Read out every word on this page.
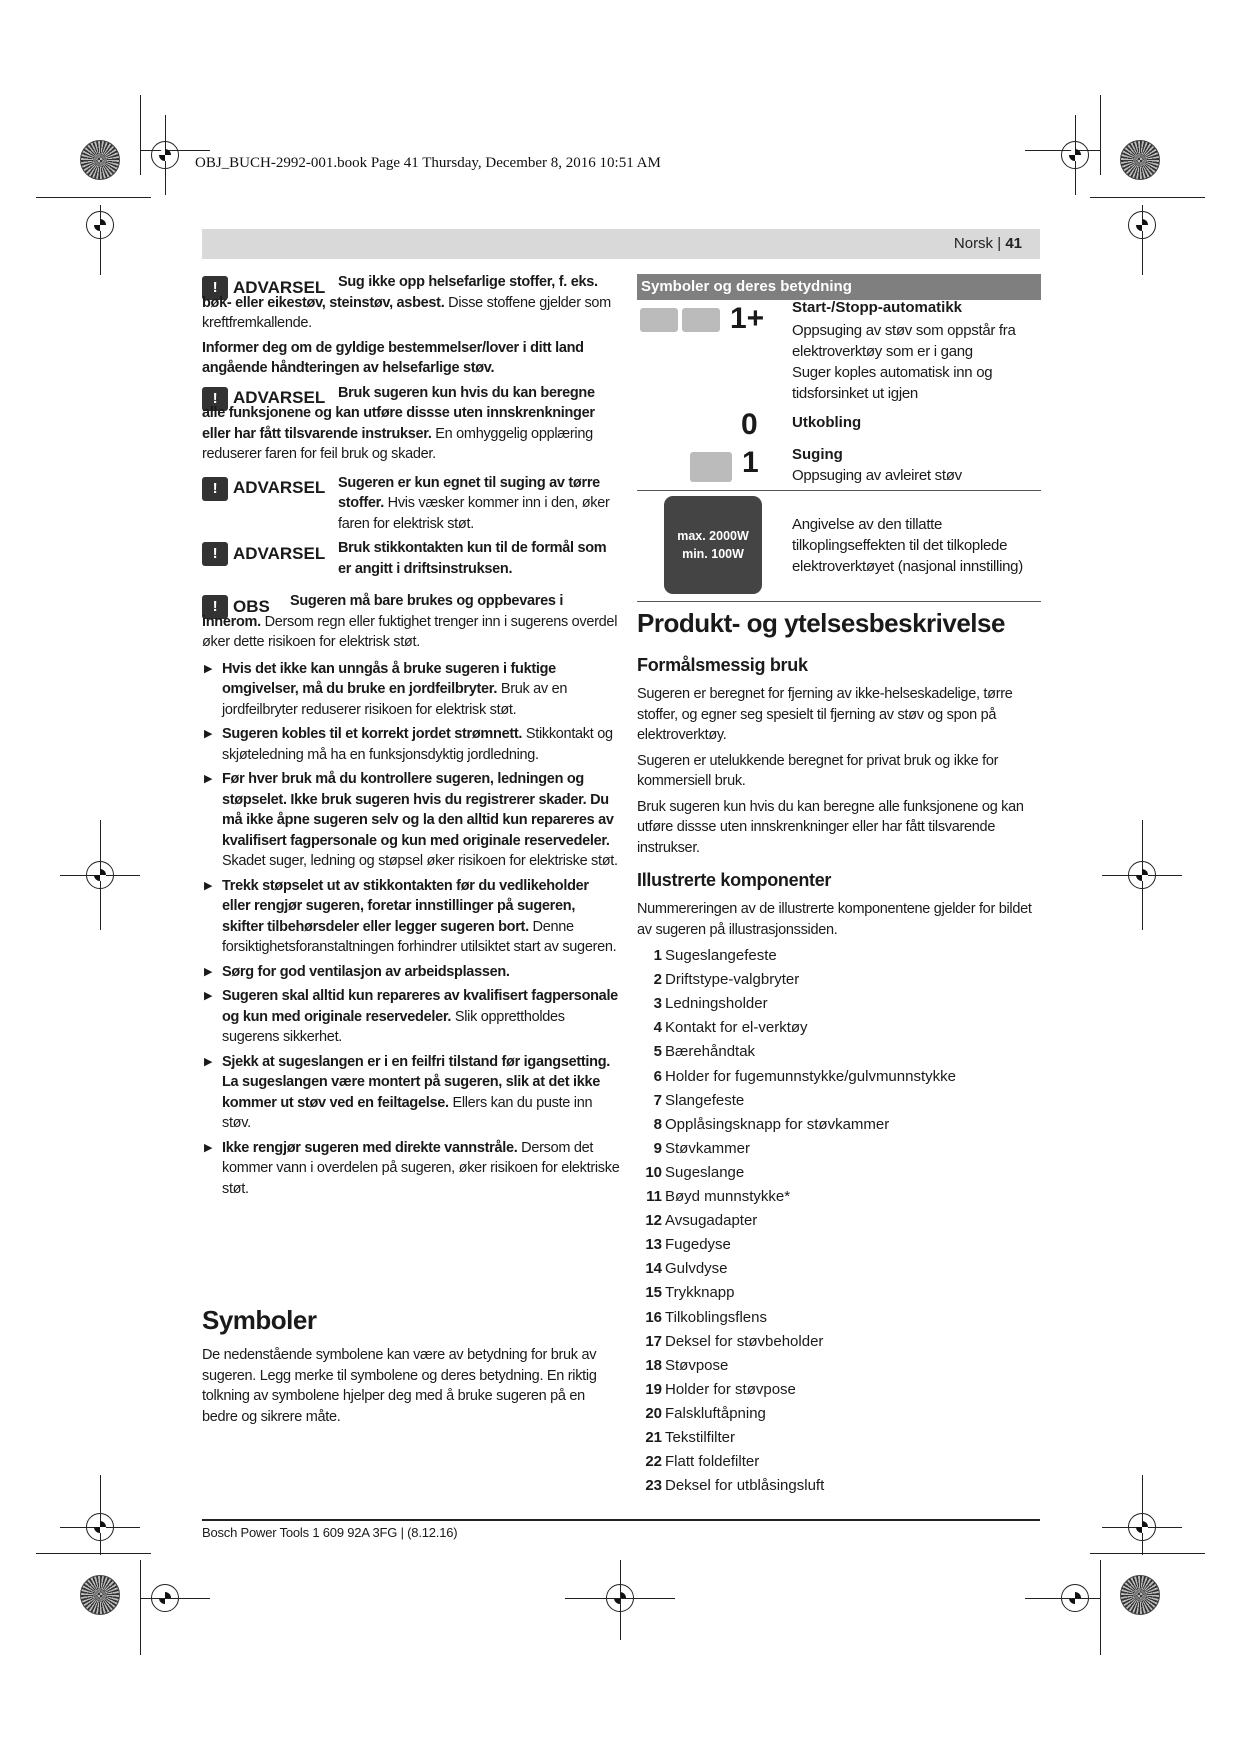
OBJ_BUCH-2992-001.book Page 41 Thursday, December 8, 2016 10:51 AM
Norsk | 41
! ADVARSEL Sug ikke opp helsefarlige stoffer, f. eks. bøk- eller eikestøv, steinstøv, asbest. Disse stoffene gjelder som kreftfremkallende.

Informer deg om de gyldige bestemmelser/lover i ditt land angående håndteringen av helsefarlige støv.

! ADVARSEL Bruk sugeren kun hvis du kan beregne alle funksjonene og kan utføre dissse uten innskrenkninger eller har fått tilsvarende instrukser. En omhyggelig opplæring reduserer faren for feil bruk og skader.

! ADVARSEL Sugeren er kun egnet til suging av tørre stoffer. Hvis væsker kommer inn i den, øker faren for elektrisk støt.

! ADVARSEL Bruk stikkontakten kun til de formål som er angitt i driftsinstruksen.

! OBS	Sugeren må bare brukes og oppbevares i innerom. Dersom regn eller fuktighet trenger inn i sugerens overdel øker dette risikoen for elektrisk støt.

▶ Hvis det ikke kan unngås å bruke sugeren i fuktige omgivelser, må du bruke en jordfeilbryter. Bruk av en jordfeilbryter reduserer risikoen for elektrisk støt.

▶ Sugeren kobles til et korrekt jordet strømnett. Stikkontakt og skjøteledning må ha en funksjonsdyktig jordledning.

▶ Før hver bruk må du kontrollere sugeren, ledningen og støpselet. Ikke bruk sugeren hvis du registrerer skader. Du må ikke åpne sugeren selv og la den alltid kun repareres av kvalifisert fagpersonale og kun med originale reservedeler. Skadet suger, ledning og støpsel øker risikoen for elektriske støt.

▶ Trekk støpselet ut av stikkontakten før du vedlikeholder eller rengjør sugeren, foretar innstillinger på sugeren, skifter tilbehørsdeler eller legger sugeren bort. Denne forsiktighetsforanstaltningen forhindrer utilsiktet start av sugeren.

▶ Sørg for god ventilasjon av arbeidsplassen.

▶ Sugeren skal alltid kun repareres av kvalifisert fagpersonale og kun med originale reservedeler. Slik opprettholdes sugerens sikkerhet.

▶ Sjekk at sugeslangen er i en feilfri tilstand før igangsetting. La sugeslangen være montert på sugeren, slik at det ikke kommer ut støv ved en feiltagelse. Ellers kan du puste inn støv.

▶ Ikke rengjør sugeren med direkte vannstråle. Dersom det kommer vann i overdelen på sugeren, øker risikoen for elektriske støt.

Symboler

De nedenstående symbolene kan være av betydning for bruk av sugeren. Legg merke til symbolene og deres betydning. En riktig tolkning av symbolene hjelper deg med å bruke sugeren på en bedre og sikrere måte.

Symboler og deres betydning
1+ Start-/Stopp-automatikk
Oppsuging av støv som oppstår fra elektroverktøy som er i gang
Suger koples automatisk inn og tidsforsinket ut igjen
0 Utkobling
1 Suging
Oppsuging av avleiret støv
max. 2000W
min. 100W
Angivelse av den tillatte tilkoplingseffekten til det tilkoplede elektroverktøyet (nasjonal innstilling)
Produkt- og ytelsesbeskrivelse
Formålsmessig bruk

Sugeren er beregnet for fjerning av ikke-helseskadelige, tørre stoffer, og egner seg spesielt til fjerning av støv og spon på elektroverktøy.

Sugeren er utelukkende beregnet for privat bruk og ikke for kommersiell bruk.

Bruk sugeren kun hvis du kan beregne alle funksjonene og kan utføre dissse uten innskrenkninger eller har fått tilsvarende instrukser.

Illustrerte komponenter

Nummereringen av de illustrerte komponentene gjelder for bildet av sugeren på illustrasjonssiden.

1 Sugeslangefeste
2 Driftstype-valgbryter
3 Ledningsholder
4 Kontakt for el-verktøy
5 Bærehåndtak
6 Holder for fugemunnstykke/gulvmunnstykke
7 Slangefeste
8 Opplåsingsknapp for støvkammer
9 Støvkammer
10 Sugeslange
11 Bøyd munnstykke*
12 Avsugadapter
13 Fugedyse
14 Gulvdyse
15 Trykknapp
16 Tilkoblingsflens
17 Deksel for støvbeholder
18 Støvpose
19 Holder for støvpose
20 Falskluftåpning
21 Tekstilfilter
22 Flatt foldefilter
23 Deksel for utblåsingsluft
Bosch Power Tools 1 609 92A 3FG | (8.12.16)
